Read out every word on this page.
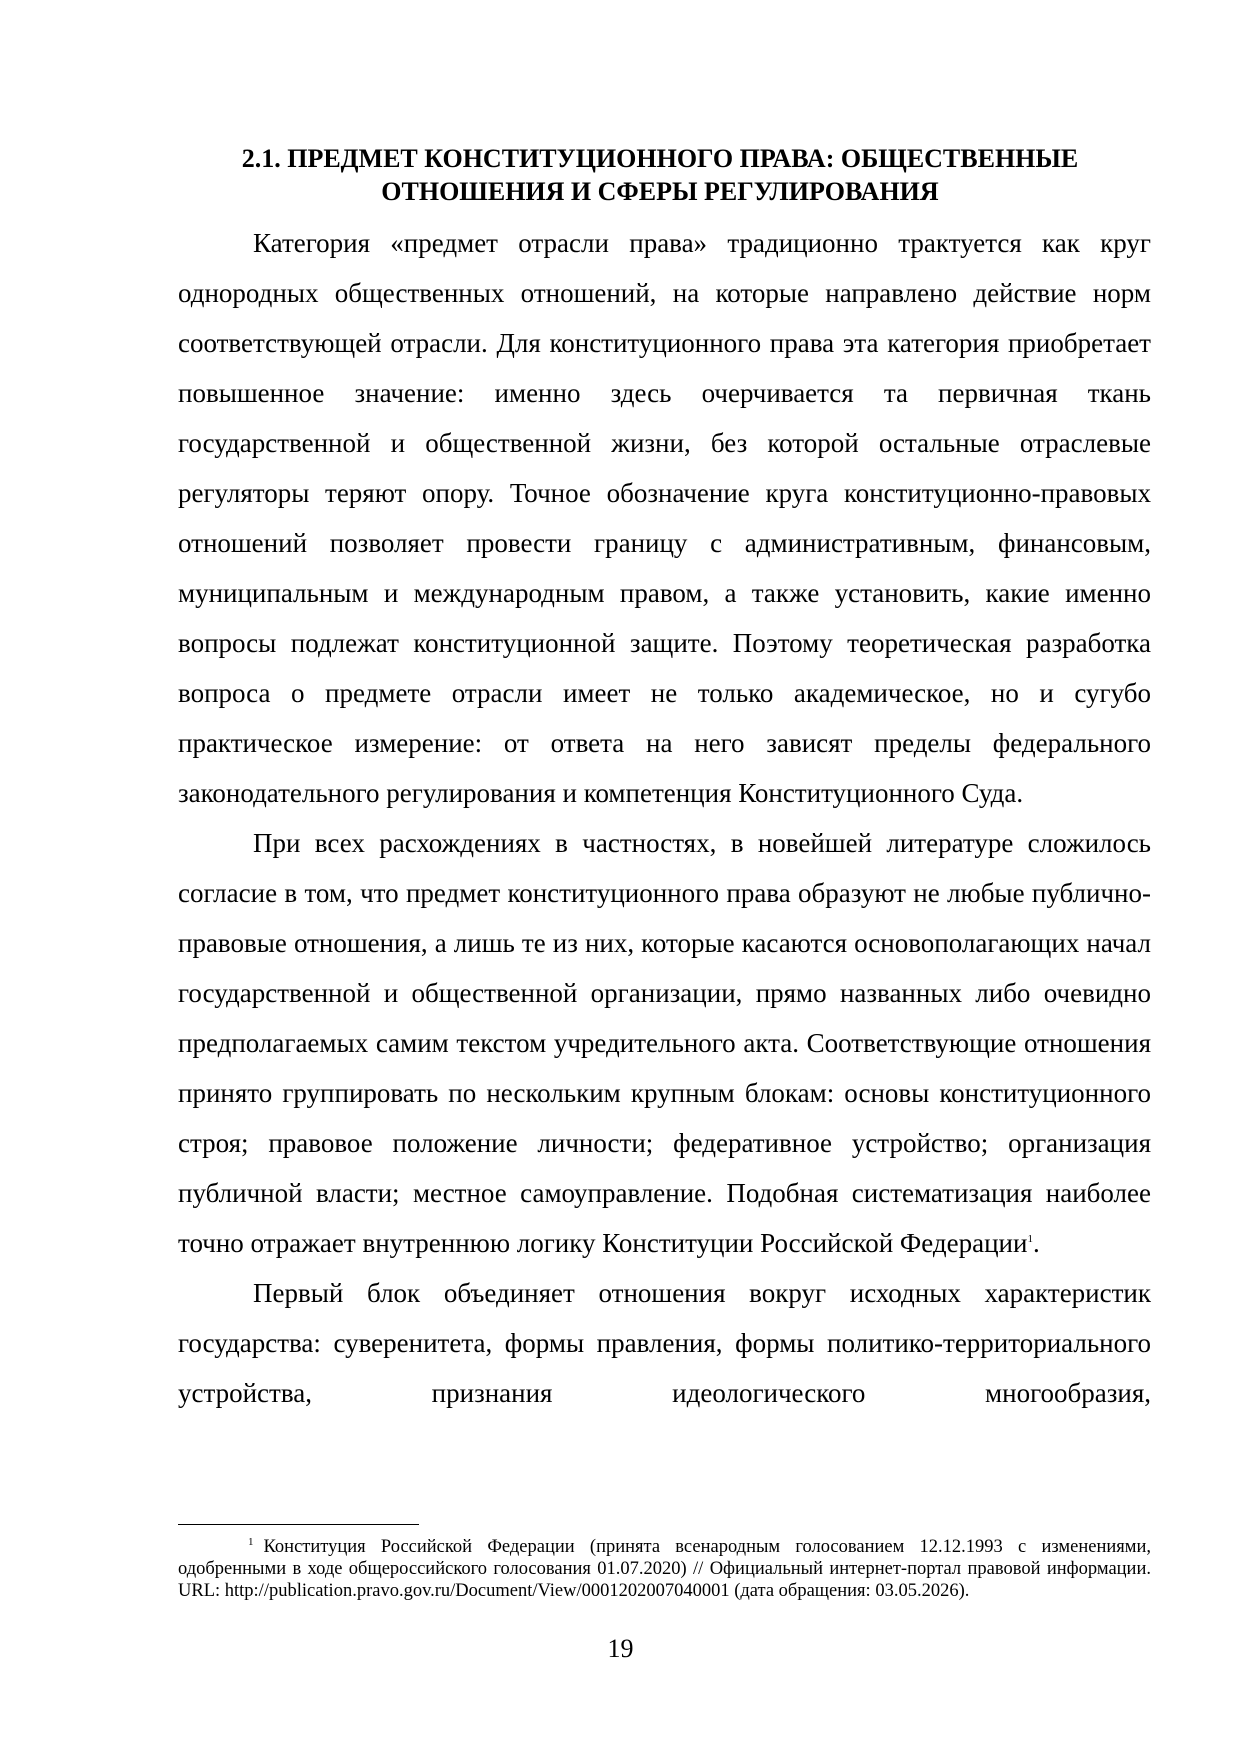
2.1. ПРЕДМЕТ КОНСТИТУЦИОННОГО ПРАВА: ОБЩЕСТВЕННЫЕ
ОТНОШЕНИЯ И СФЕРЫ РЕГУЛИРОВАНИЯ

Категория «предмет отрасли права» традиционно трактуется как круг однородных общественных отношений, на которые направлено действие норм соответствующей отрасли. Для конституционного права эта категория приобретает повышенное значение: именно здесь очерчивается та первичная ткань государственной и общественной жизни, без которой остальные отраслевые регуляторы теряют опору. Точное обозначение круга конституционно-правовых отношений позволяет провести границу с административным, финансовым, муниципальным и международным правом, а также установить, какие именно вопросы подлежат конституционной защите. Поэтому теоретическая разработка вопроса о предмете отрасли имеет не только академическое, но и сугубо практическое измерение: от ответа на него зависят пределы федерального законодательного регулирования и компетенция Конституционного Суда.

При всех расхождениях в частностях, в новейшей литературе сложилось согласие в том, что предмет конституционного права образуют не любые публично-правовые отношения, а лишь те из них, которые касаются основополагающих начал государственной и общественной организации, прямо названных либо очевидно предполагаемых самим текстом учредительного акта. Соответствующие отношения принято группировать по нескольким крупным блокам: основы конституционного строя; правовое положение личности; федеративное устройство; организация публичной власти; местное самоуправление. Подобная систематизация наиболее точно отражает внутреннюю логику Конституции Российской Федерации$^1$.

Первый блок объединяет отношения вокруг исходных характеристик государства: суверенитета, формы правления, формы политико-территориального устройства, признания идеологического многообразия,

$^1$ Конституция Российской Федерации (принята всенародным голосованием 12.12.1993 с изменениями, одобренными в ходе общероссийского голосования 01.07.2020) // Официальный интернет-портал правовой информации. URL: http://publication.pravo.gov.ru/Document/View/0001202007040001 (дата обращения: 03.05.2026).
19
